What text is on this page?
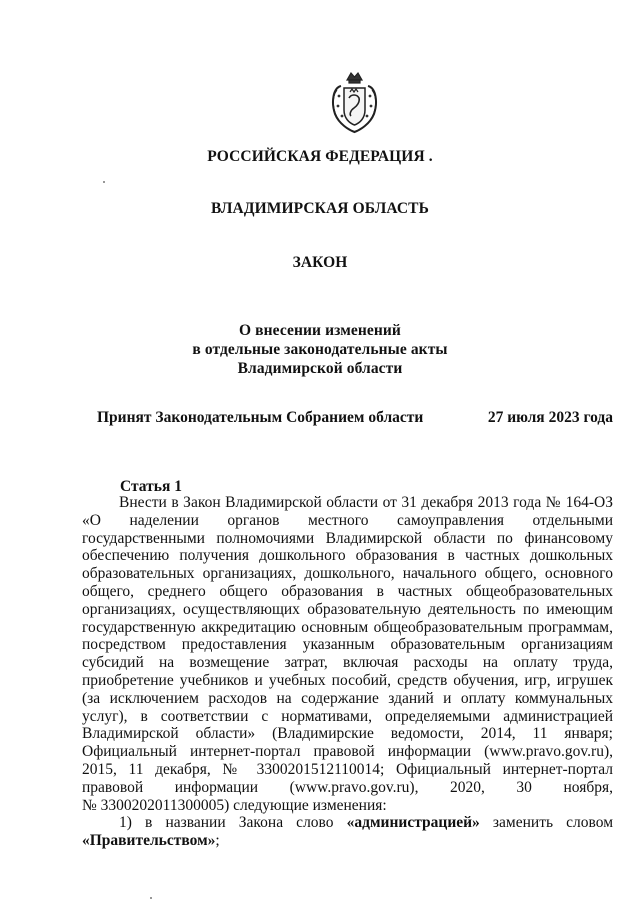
РОССИЙСКАЯ ФЕДЕРАЦИЯ .
ВЛАДИМИРСКАЯ ОБЛАСТЬ
ЗАКОН
О внесении изменений
в отдельные законодательные акты
Владимирской области
Принят Законодательным Собранием области	27 июля 2023 года
Статья 1
Внести в Закон Владимирской области от 31 декабря 2013 года № 164-ОЗ
«О наделении органов местного самоуправления отдельными
государственными полномочиями Владимирской области по финансовому
обеспечению получения дошкольного образования в частных дошкольных
образовательных организациях, дошкольного, начального общего, основного
общего, среднего общего образования в частных общеобразовательных
организациях, осуществляющих образовательную деятельность по имеющим
государственную аккредитацию основным общеобразовательным программам,
посредством предоставления указанным образовательным организациям
субсидий на возмещение затрат, включая расходы на оплату труда,
приобретение учебников и учебных пособий, средств обучения, игр, игрушек
(за исключением расходов на содержание зданий и оплату коммунальных
услуг), в соответствии с нормативами, определяемыми администрацией
Владимирской области» (Владимирские ведомости, 2014, 11 января;
Официальный интернет-портал правовой информации (www.pravo.gov.ru),
2015, 11 декабря, № 3300201512110014; Официальный интернет-портал
правовой информации (www.pravo.gov.ru), 2020, 30 ноября,
№ 3300202011300005) следующие изменения:
1) в названии Закона слово «администрацией» заменить словом
«Правительством»;
